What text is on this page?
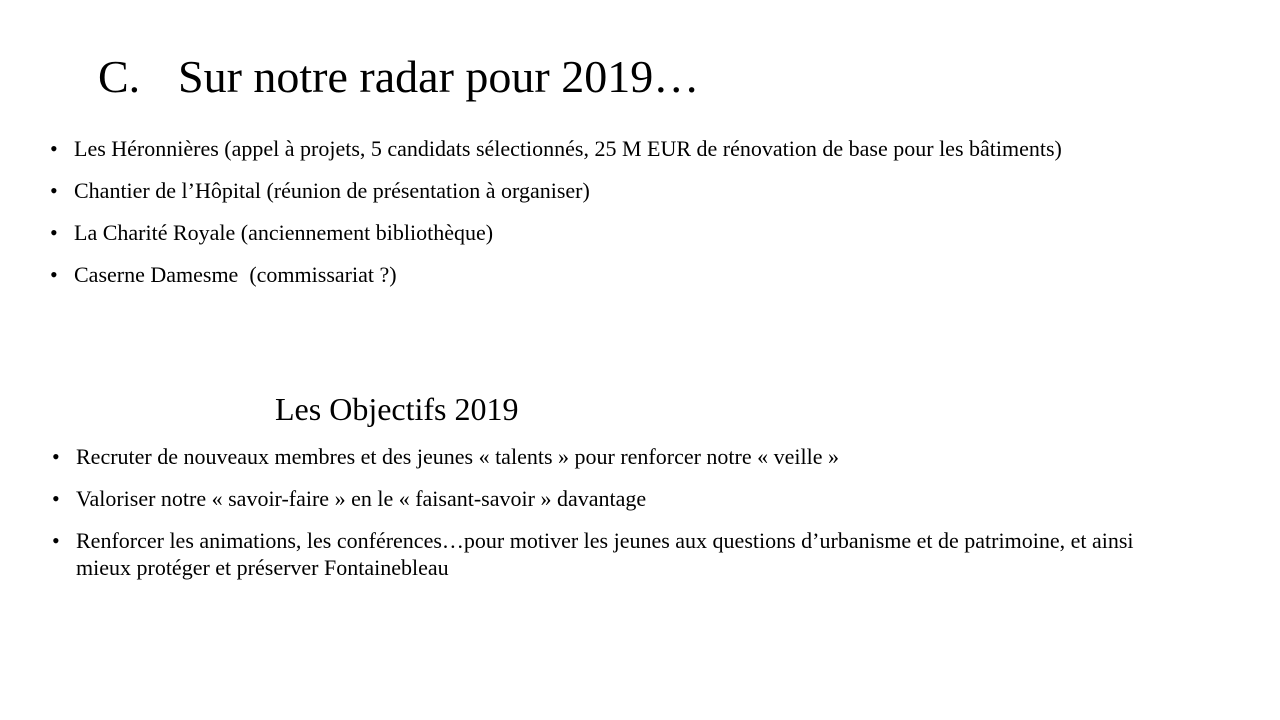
C. Sur notre radar pour 2019…
• Les Héronnières (appel à projets, 5 candidats sélectionnés, 25 M EUR de rénovation de base pour les bâtiments)
• Chantier de l’Hôpital (réunion de présentation à organiser)
• La Charité Royale (anciennement bibliothèque)
• Caserne Damesme  (commissariat ?)
Les Objectifs 2019
• Recruter de nouveaux membres et des jeunes « talents » pour renforcer notre « veille »
• Valoriser notre « savoir-faire » en le « faisant-savoir » davantage
• Renforcer les animations, les conférences…pour motiver les jeunes aux questions d’urbanisme et de patrimoine, et ainsi mieux protéger et préserver Fontainebleau
